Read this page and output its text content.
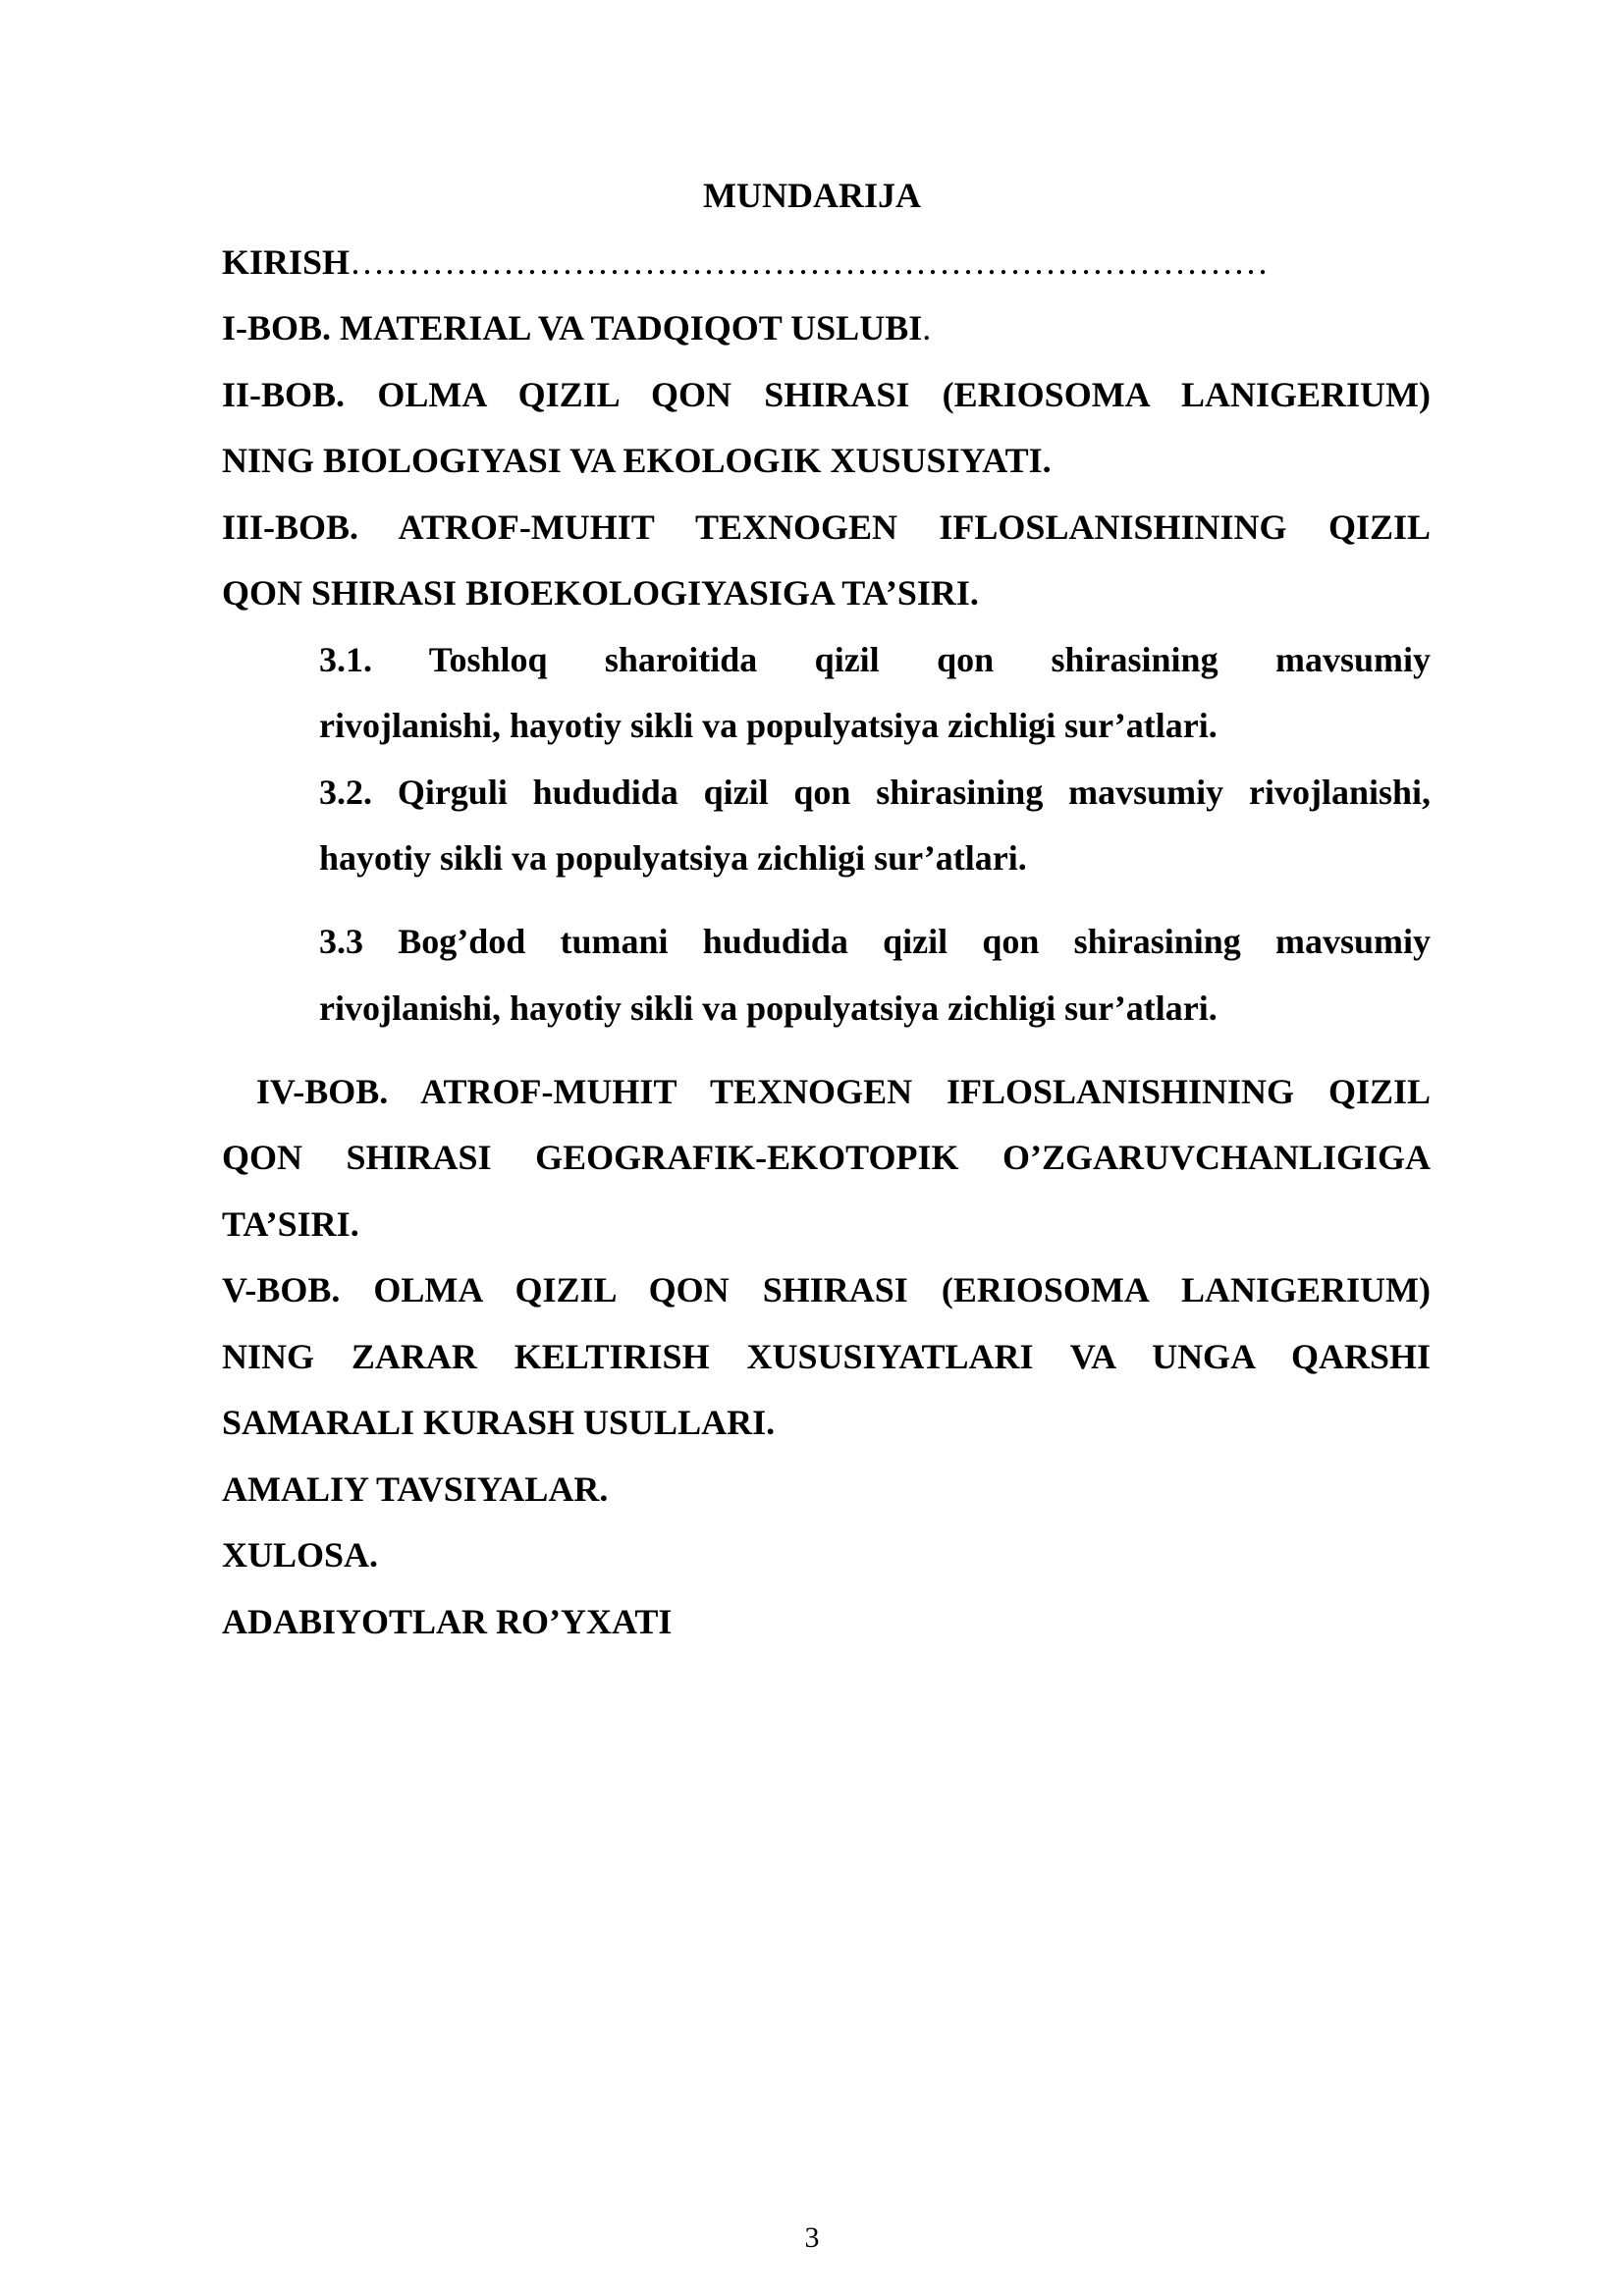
MUNDARIJA
KIRISH……………………………………………………………………
I-BOB. MATERIAL VA TADQIQOT USLUBI.
II-BOB. OLMA QIZIL QON SHIRASI (ERIOSOMA LANIGERIUM)
NING BIOLOGIYASI VA EKOLOGIK XUSUSIYATI.
III-BOB. ATROF-MUHIT TEXNOGEN IFLOSLANISHINING QIZIL
QON SHIRASI BIOEKOLOGIYASIGA TA’SIRI.
3.1. Toshloq sharoitida qizil qon shirasining mavsumiy
rivojlanishi, hayotiy sikli va populyatsiya zichligi sur’atlari.
3.2. Qirguli hududida qizil qon shirasining mavsumiy rivojlanishi,
hayotiy sikli va populyatsiya zichligi sur’atlari.
3.3 Bog’dod tumani hududida qizil qon shirasining mavsumiy
rivojlanishi, hayotiy sikli va populyatsiya zichligi sur’atlari.
IV-BOB. ATROF-MUHIT TEXNOGEN IFLOSLANISHINING QIZIL
QON SHIRASI GEOGRAFIK-EKOTOPIK O’ZGARUVCHANLIGIGA
TA’SIRI.
V-BOB. OLMA QIZIL QON SHIRASI (ERIOSOMA LANIGERIUM)
NING ZARAR KELTIRISH XUSUSIYATLARI VA UNGA QARSHI
SAMARALI KURASH USULLARI.
AMALIY TAVSIYALAR.
XULOSA.
ADABIYOTLAR RO’YXATI
3
